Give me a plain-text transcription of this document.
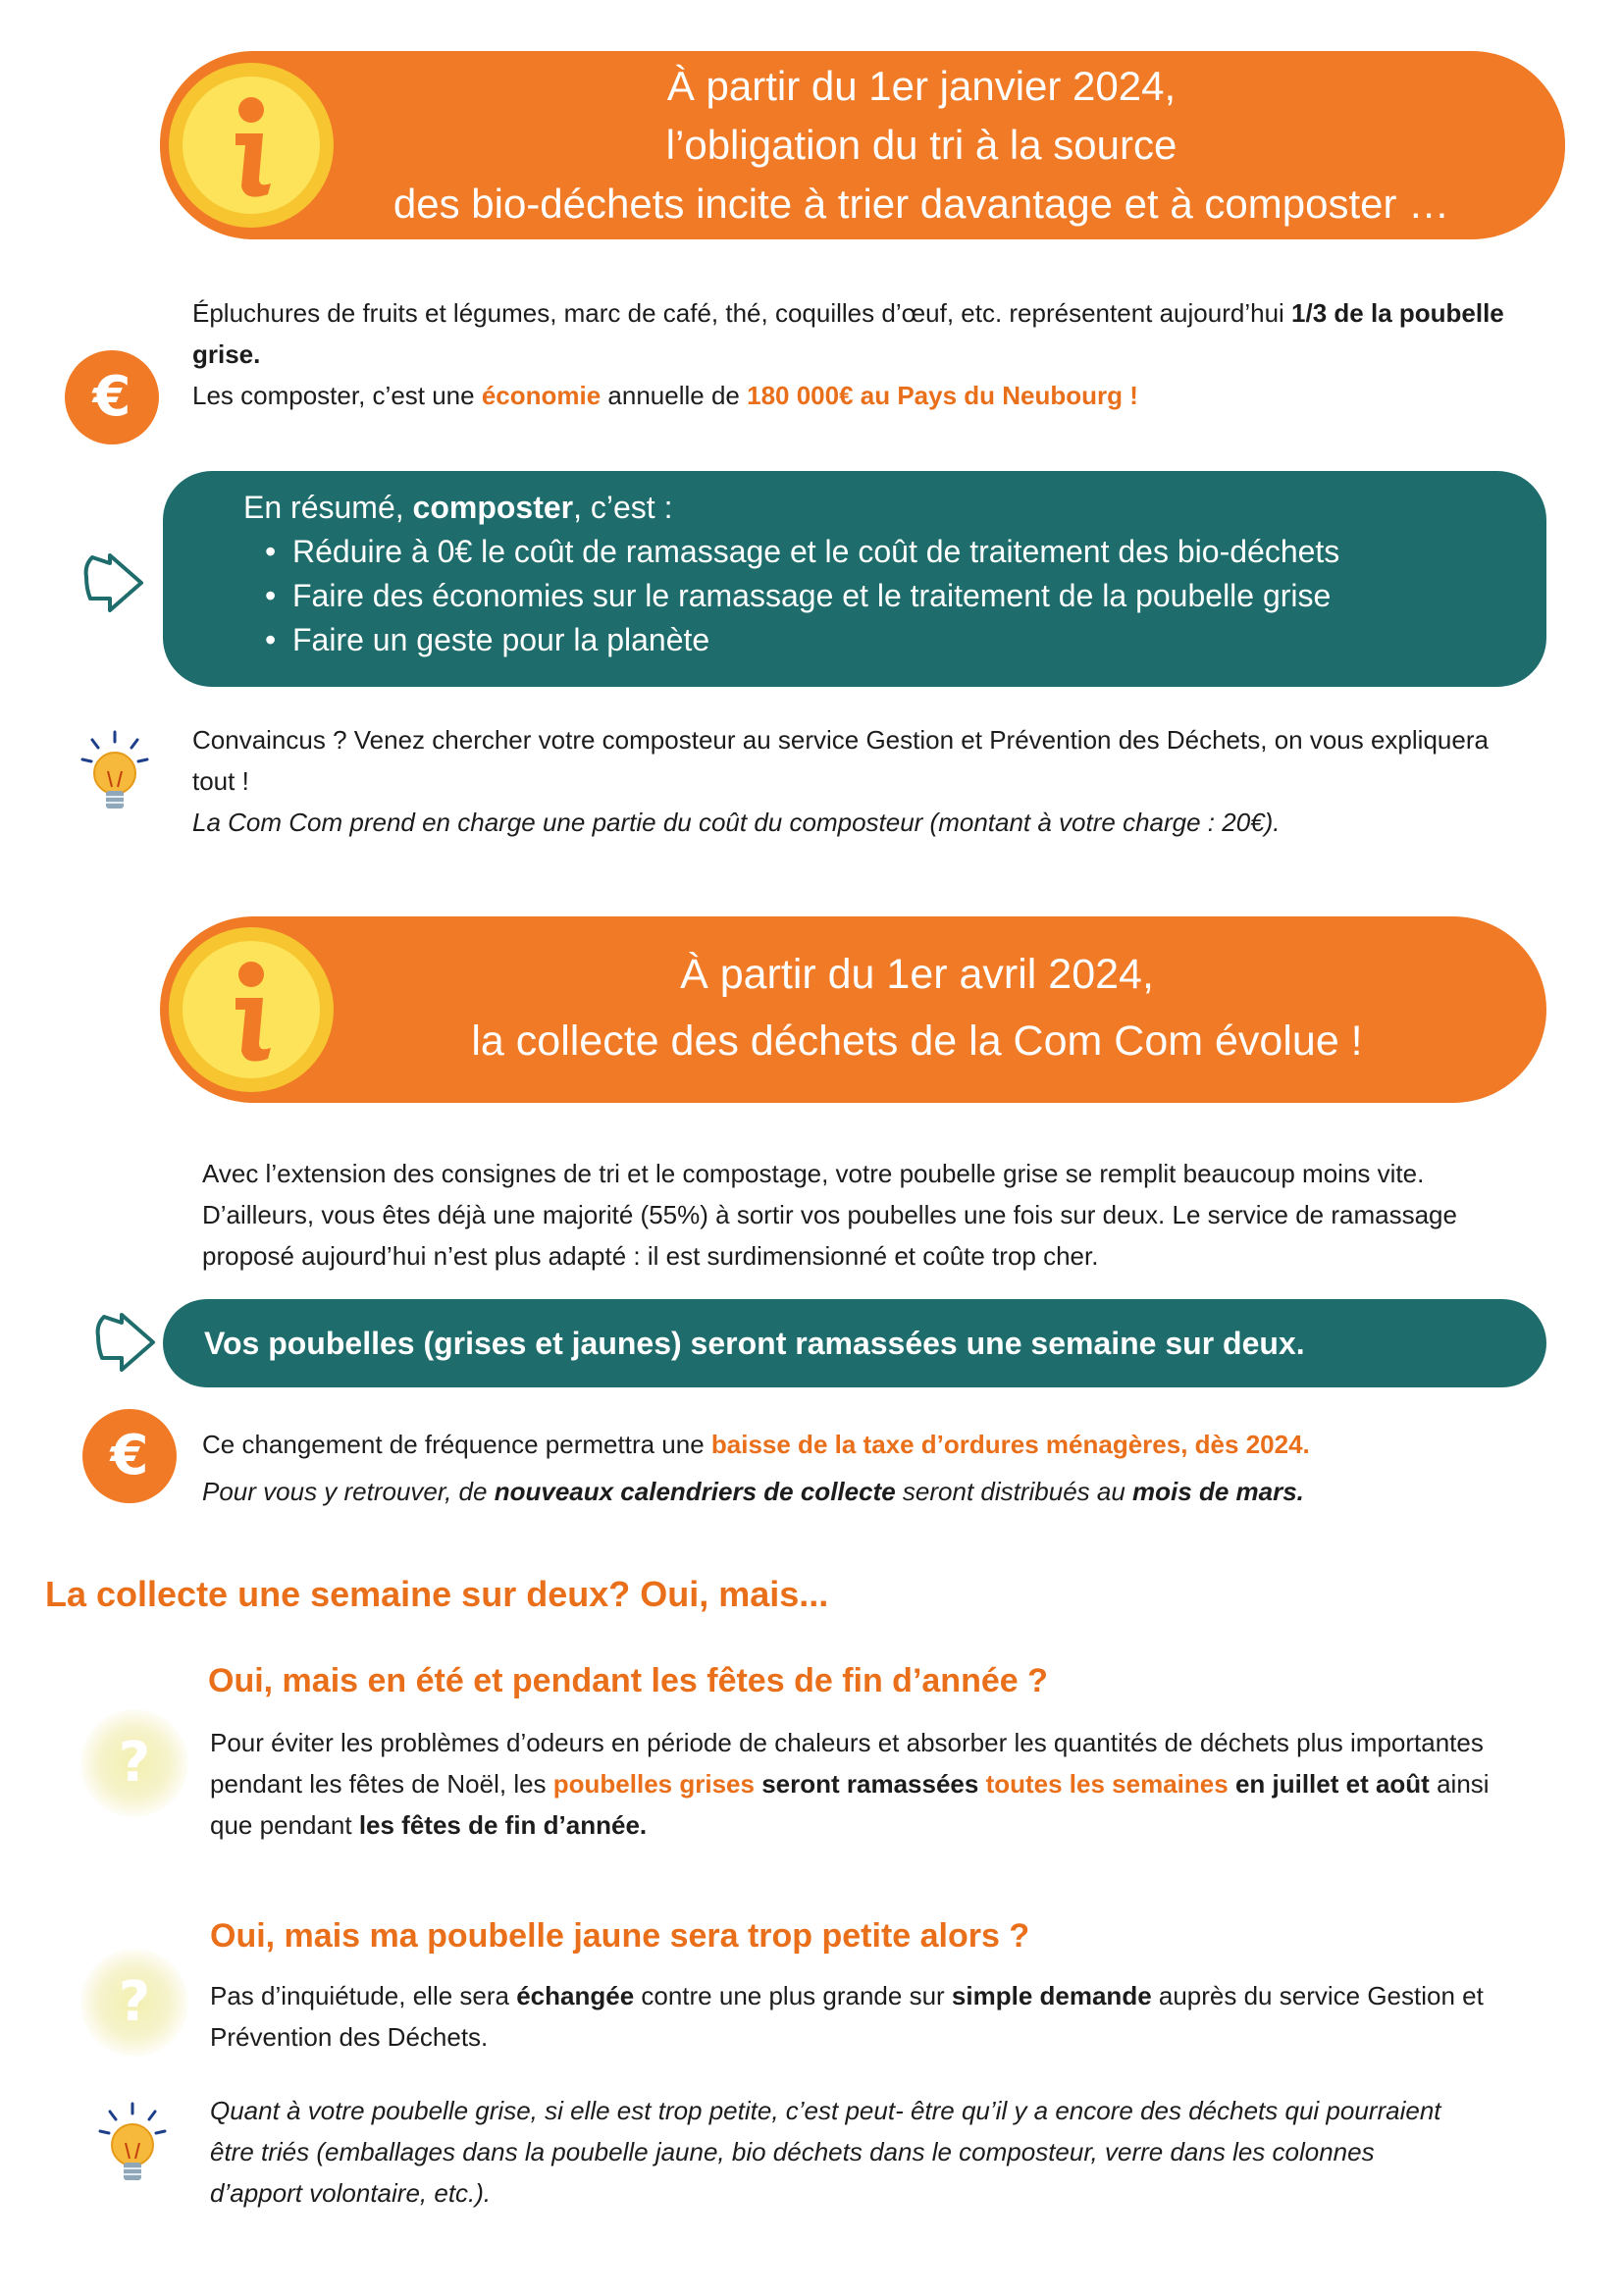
À partir du 1er janvier 2024,
l’obligation du tri à la source
des bio-déchets incite à trier davantage et à composter …
€
Épluchures de fruits et légumes, marc de café, thé, coquilles d’œuf, etc. représentent aujourd’hui 1/3 de la poubelle grise.
Les composter, c’est une économie annuelle de 180 000€ au Pays du Neubourg !
En résumé, composter, c’est :
• Réduire à 0€ le coût de ramassage et le coût de traitement des bio-déchets
• Faire des économies sur le ramassage et le traitement de la poubelle grise
• Faire un geste pour la planète
Convaincus ? Venez chercher votre composteur au service Gestion et Prévention des Déchets, on vous expliquera tout !
La Com Com prend en charge une partie du coût du composteur (montant à votre charge : 20€).
À partir du 1er avril 2024,
la collecte des déchets de la Com Com évolue !
Avec l’extension des consignes de tri et le compostage, votre poubelle grise se remplit beaucoup moins vite. D’ailleurs, vous êtes déjà une majorité (55%) à sortir vos poubelles une fois sur deux. Le service de ramassage proposé aujourd’hui n’est plus adapté : il est surdimensionné et coûte trop cher.
Vos poubelles (grises et jaunes) seront ramassées une semaine sur deux.
€	Ce changement de fréquence permettra une baisse de la taxe d’ordures ménagères, dès 2024.
Pour vous y retrouver, de nouveaux calendriers de collecte seront distribués au mois de mars.
La collecte une semaine sur deux? Oui, mais...
Oui, mais en été et pendant les fêtes de fin d’année ?
?	Pour éviter les problèmes d’odeurs en période de chaleurs et absorber les quantités de déchets plus importantes pendant les fêtes de Noël, les poubelles grises seront ramassées toutes les semaines en juillet et août ainsi que pendant les fêtes de fin d’année.
Oui, mais ma poubelle jaune sera trop petite alors ?
?	Pas d’inquiétude, elle sera échangée contre une plus grande sur simple demande auprès du service Gestion et Prévention des Déchets.
Quant à votre poubelle grise, si elle est trop petite, c’est peut- être qu’il y a encore des déchets qui pourraient être triés (emballages dans la poubelle jaune, bio déchets dans le composteur, verre dans les colonnes d’apport volontaire, etc.).
